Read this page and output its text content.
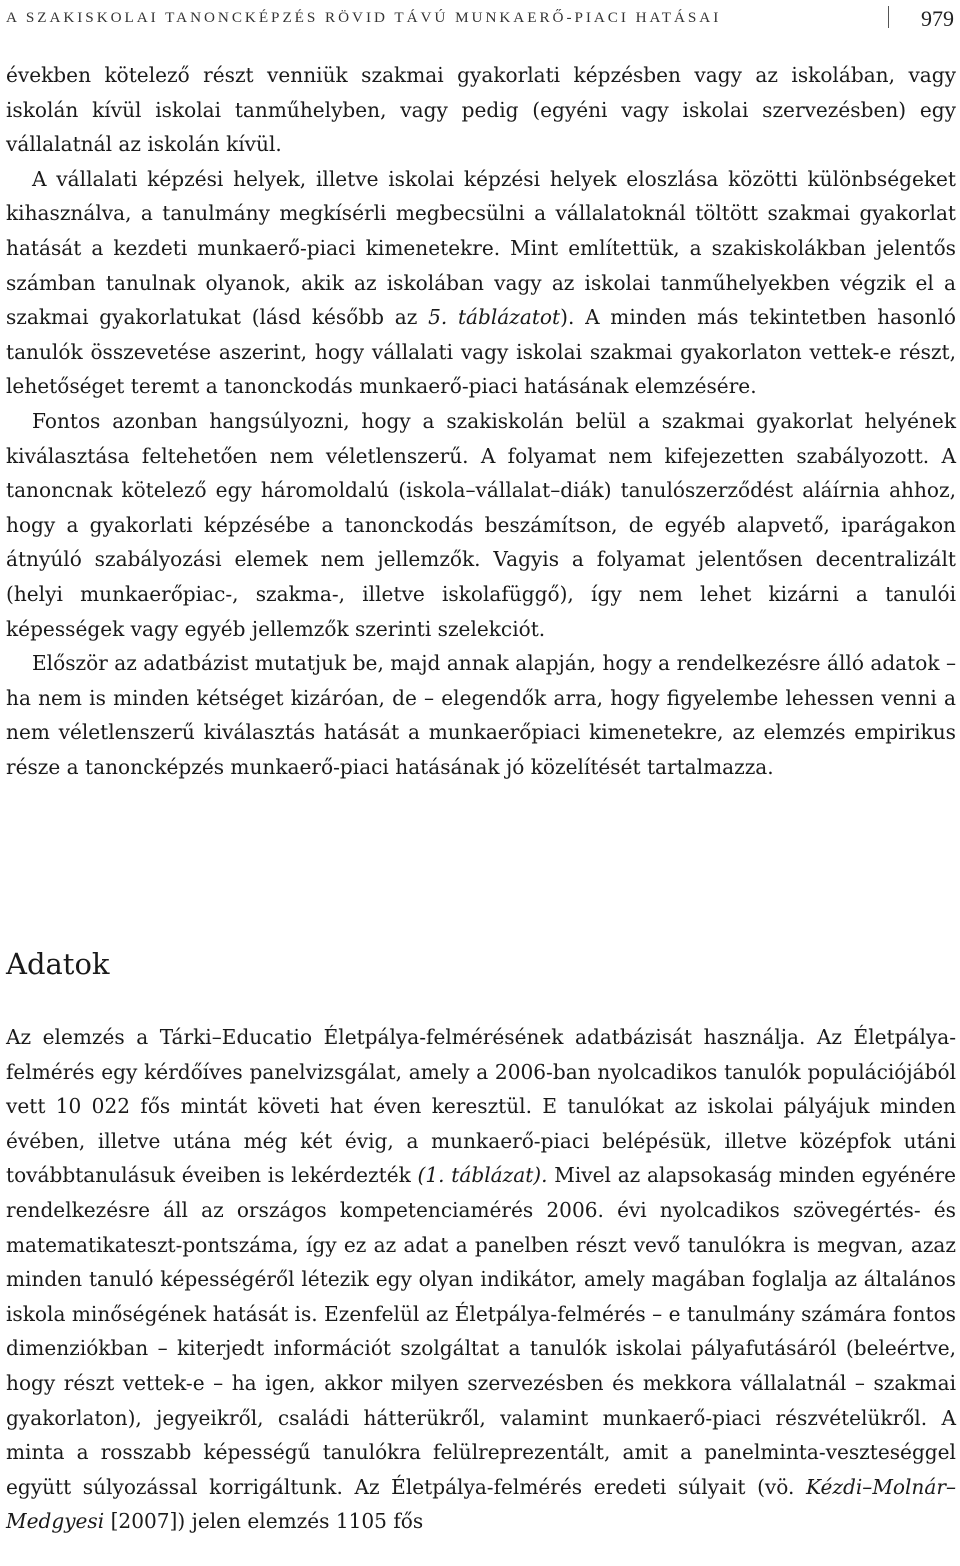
A SZAKISKOLAI TANONCKÉPZÉS RÖVID TÁVÚ MUNKAERŐ-PIACI HATÁSAI	979

években kötelező részt venniük szakmai gyakorlati képzésben vagy az iskolában, vagy iskolán kívül iskolai tanműhelyben, vagy pedig (egyéni vagy iskolai szervezésben) egy vállalatnál az iskolán kívül.

A vállalati képzési helyek, illetve iskolai képzési helyek eloszlása közötti különbségeket kihasználva, a tanulmány megkísérli megbecsülni a vállalatoknál töltött szakmai gyakorlat hatását a kezdeti munkaerő-piaci kimenetekre. Mint említettük, a szakiskolákban jelentős számban tanulnak olyanok, akik az iskolában vagy az iskolai tanműhelyekben végzik el a szakmai gyakorlatukat (lásd később az 5. táblázatot). A minden más tekintetben hasonló tanulók összevetése aszerint, hogy vállalati vagy iskolai szakmai gyakorlaton vettek-e részt, lehetőséget teremt a tanonckodás munkaerő-piaci hatásának elemzésére.

Fontos azonban hangsúlyozni, hogy a szakiskolán belül a szakmai gyakorlat helyének kiválasztása feltehetően nem véletlenszerű. A folyamat nem kifejezetten szabályozott. A tanoncnak kötelező egy háromoldalú (iskola–vállalat–diák) tanulószerződést aláírnia ahhoz, hogy a gyakorlati képzésébe a tanonckodás beszámítson, de egyéb alapvető, iparágakon átnyúló szabályozási elemek nem jellemzők. Vagyis a folyamat jelentősen decentralizált (helyi munkaerőpiac-, szakma-, illetve iskolafüggő), így nem lehet kizárni a tanulói képességek vagy egyéb jellemzők szerinti szelekciót.

Először az adatbázist mutatjuk be, majd annak alapján, hogy a rendelkezésre álló adatok – ha nem is minden kétséget kizáróan, de – elegendők arra, hogy figyelembe lehessen venni a nem véletlenszerű kiválasztás hatását a munkaerőpiaci kimenetekre, az elemzés empirikus része a tanoncképzés munkaerő-piaci hatásának jó közelítését tartalmazza.

Adatok

Az elemzés a Tárki–Educatio Életpálya-felmérésének adatbázisát használja. Az Életpálya-felmérés egy kérdőíves panelvizsgálat, amely a 2006-ban nyolcadikos tanulók populációjából vett 10 022 fős mintát követi hat éven keresztül. E tanulókat az iskolai pályájuk minden évében, illetve utána még két évig, a munkaerő-piaci belépésük, illetve középfok utáni továbbtanulásuk éveiben is lekérdezték (1. táblázat). Mivel az alapsokaság minden egyénére rendelkezésre áll az országos kompetenciamérés 2006. évi nyolcadikos szövegértés- és matematikateszt-pontszáma, így ez az adat a panelben részt vevő tanulókra is megvan, azaz minden tanuló képességéről létezik egy olyan indikátor, amely magában foglalja az általános iskola minőségének hatását is. Ezenfelül az Életpálya-felmérés – e tanulmány számára fontos dimenziókban – kiterjedt információt szolgáltat a tanulók iskolai pályafutásáról (beleértve, hogy részt vettek-e – ha igen, akkor milyen szervezésben és mekkora vállalatnál – szakmai gyakorlaton), jegyeikről, családi hátterükről, valamint munkaerő-piaci részvételükről. A minta a rosszabb képességű tanulókra felülreprezentált, amit a panelminta-veszteséggel együtt súlyozással korrigáltunk. Az Életpálya-felmérés eredeti súlyait (vö. Kézdi–Molnár–Medgyesi [2007]) jelen elemzés 1105 fős
